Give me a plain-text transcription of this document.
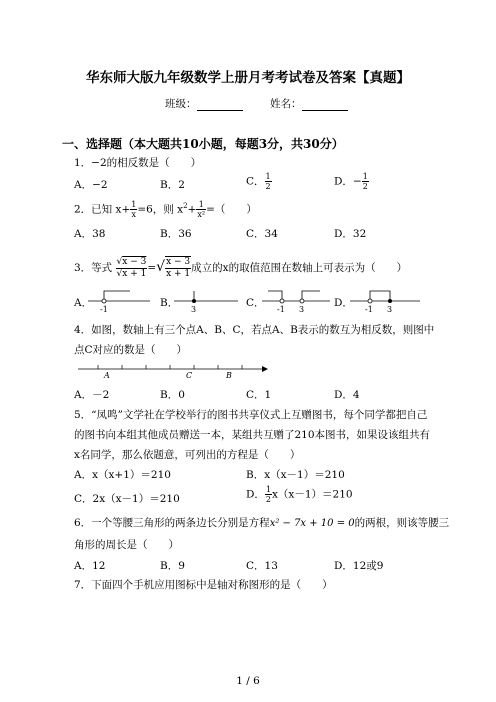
华东师大版九年级数学上册月考考试卷及答案【真题】
班级：	姓名：
一、选择题（本大题共10小题，每题3分，共30分）
1．−2的相反数是（　　）
A．−2	B．2	C． $\frac{1}{2}$	D．− $\frac{1}{2}$
2．已知 $x+ \frac{1}{x} =6$，则 $x^2+ \frac{1}{\text{x²}}$ =（　　）
A．38	B．36	C．34	D．32
3．等式 $\frac{√x - 3}{√x + 1}$ =√ $\frac{x - 3}{x + 1}$ 成立的x的取值范围在数轴上可表示为（　　）
A．	B．	C．	D．
-1	3	-1 3	-1 3
4．如图，数轴上有三个点A、B、C，若点A、B表示的数互为相反数，则图中
点C对应的数是（　　）
A	C	B
A．－2	B．0	C．1	D．4
5．“凤鸣”文学社在学校举行的图书共享仪式上互赠图书，每个同学都把自己
的图书向本组其他成员赠送一本，某组共互赠了210本图书，如果设该组共有
x名同学，那么依题意，可列出的方程是（　　）
A．x（x+1）＝210	B．x（x－1）＝210
C．2x（x－1）＝210	D． $\frac{1}{2} x(x-1)=210$
6．一个等腰三角形的两条边长分别是方程x² − 7x + 10 = 0的两根，则该等腰三
角形的周长是（　　）
A．12	B．9	C．13	D．12或9
7．下面四个手机应用图标中是轴对称图形的是（　　）
1 / 6
